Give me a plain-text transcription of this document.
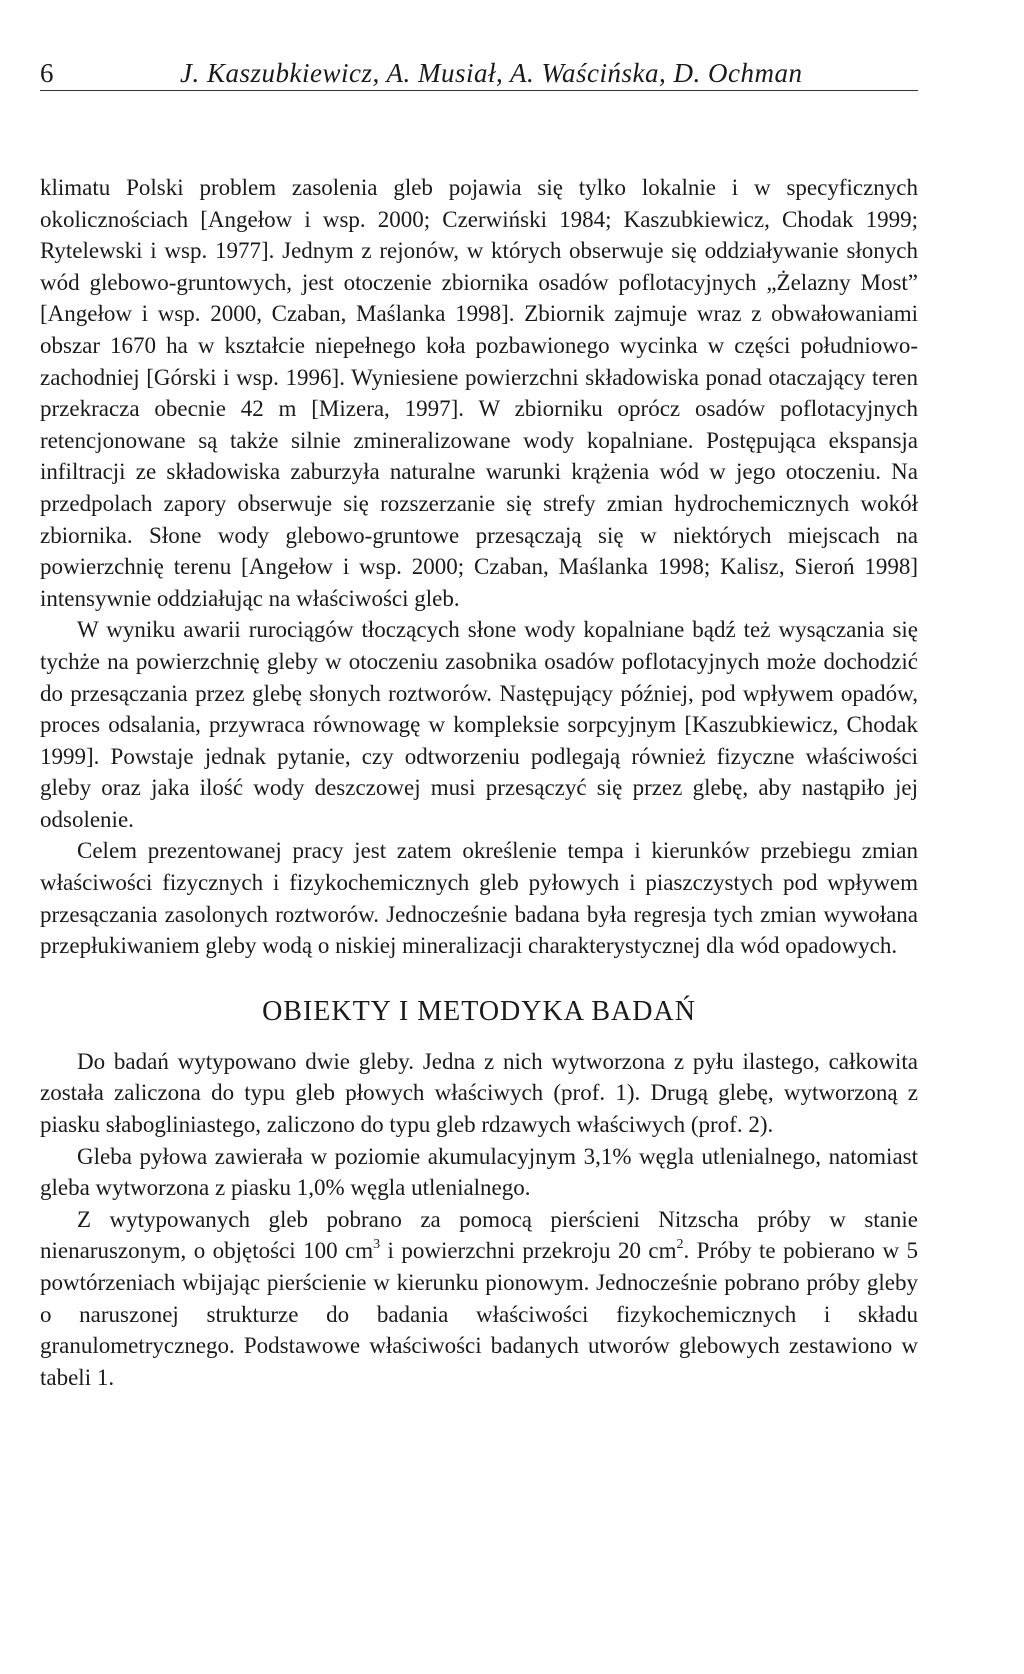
6	J. Kaszubkiewicz, A. Musiał, A. Waścińska, D. Ochman

klimatu Polski problem zasolenia gleb pojawia się tylko lokalnie i w specyficznych okolicznościach [Angełow i wsp. 2000; Czerwiński 1984; Kaszubkiewicz, Chodak 1999; Rytelewski i wsp. 1977]. Jednym z rejonów, w których obserwuje się oddziaływanie słonych wód glebowo-gruntowych, jest otoczenie zbiornika osadów poflotacyjnych „Żelazny Most” [Angełow i wsp. 2000, Czaban, Maślanka 1998]. Zbiornik zajmuje wraz z obwałowaniami obszar 1670 ha w kształcie niepełnego koła pozbawionego wycinka w części południowo- zachodniej [Górski i wsp. 1996]. Wyniesiene powierzchni składowiska ponad otaczający teren przekracza obecnie 42 m [Mizera, 1997]. W zbiorniku oprócz osadów poflotacyjnych retencjonowane są także silnie zmineralizowane wody kopalniane. Postępująca ekspansja infiltracji ze składowiska zaburzyła naturalne warunki krążenia wód w jego otoczeniu. Na przedpolach zapory obserwuje się rozszerzanie się strefy zmian hydrochemicznych wokół zbiornika. Słone wody glebowo-gruntowe przesączają się w niektórych miejscach na powierzchnię terenu [Angełow i wsp. 2000; Czaban, Maślanka 1998; Kalisz, Sieroń 1998] intensywnie oddziałując na właściwości gleb.

W wyniku awarii rurociągów tłoczących słone wody kopalniane bądź też wysączania się tychże na powierzchnię gleby w otoczeniu zasobnika osadów poflotacyjnych może dochodzić do przesączania przez glebę słonych roztworów. Następujący później, pod wpływem opadów, proces odsalania, przywraca równowagę w kompleksie sorpcyjnym [Kaszubkiewicz, Chodak 1999]. Powstaje jednak pytanie, czy odtworzeniu podlegają również fizyczne właściwości gleby oraz jaka ilość wody deszczowej musi przesączyć się przez glebę, aby nastąpiło jej odsolenie.

Celem prezentowanej pracy jest zatem określenie tempa i kierunków przebiegu zmian właściwości fizycznych i fizykochemicznych gleb pyłowych i piaszczystych pod wpływem przesączania zasolonych roztworów. Jednocześnie badana była regresja tych zmian wywołana przepłukiwaniem gleby wodą o niskiej mineralizacji charakterystycznej dla wód opadowych.

OBIEKTY I METODYKA BADAŃ

Do badań wytypowano dwie gleby. Jedna z nich wytworzona z pyłu ilastego, całkowita została zaliczona do typu gleb płowych właściwych (prof. 1). Drugą glebę, wytworzoną z piasku słabogliniastego, zaliczono do typu gleb rdzawych właściwych (prof. 2).

Gleba pyłowa zawierała w poziomie akumulacyjnym 3,1% węgla utlenialnego, natomiast gleba wytworzona z piasku 1,0% węgla utlenialnego.

Z wytypowanych gleb pobrano za pomocą pierścieni Nitzscha próby w stanie nienaruszonym, o objętości 100 $cm^3$ i powierzchni przekroju 20 $cm^2$. Próby te pobierano w 5 powtórzeniach wbijając pierścienie w kierunku pionowym. Jednocześnie pobrano próby gleby o naruszonej strukturze do badania właściwości fizykochemicznych i składu granulometrycznego. Podstawowe właściwości badanych utworów glebowych zestawiono w tabeli 1.
